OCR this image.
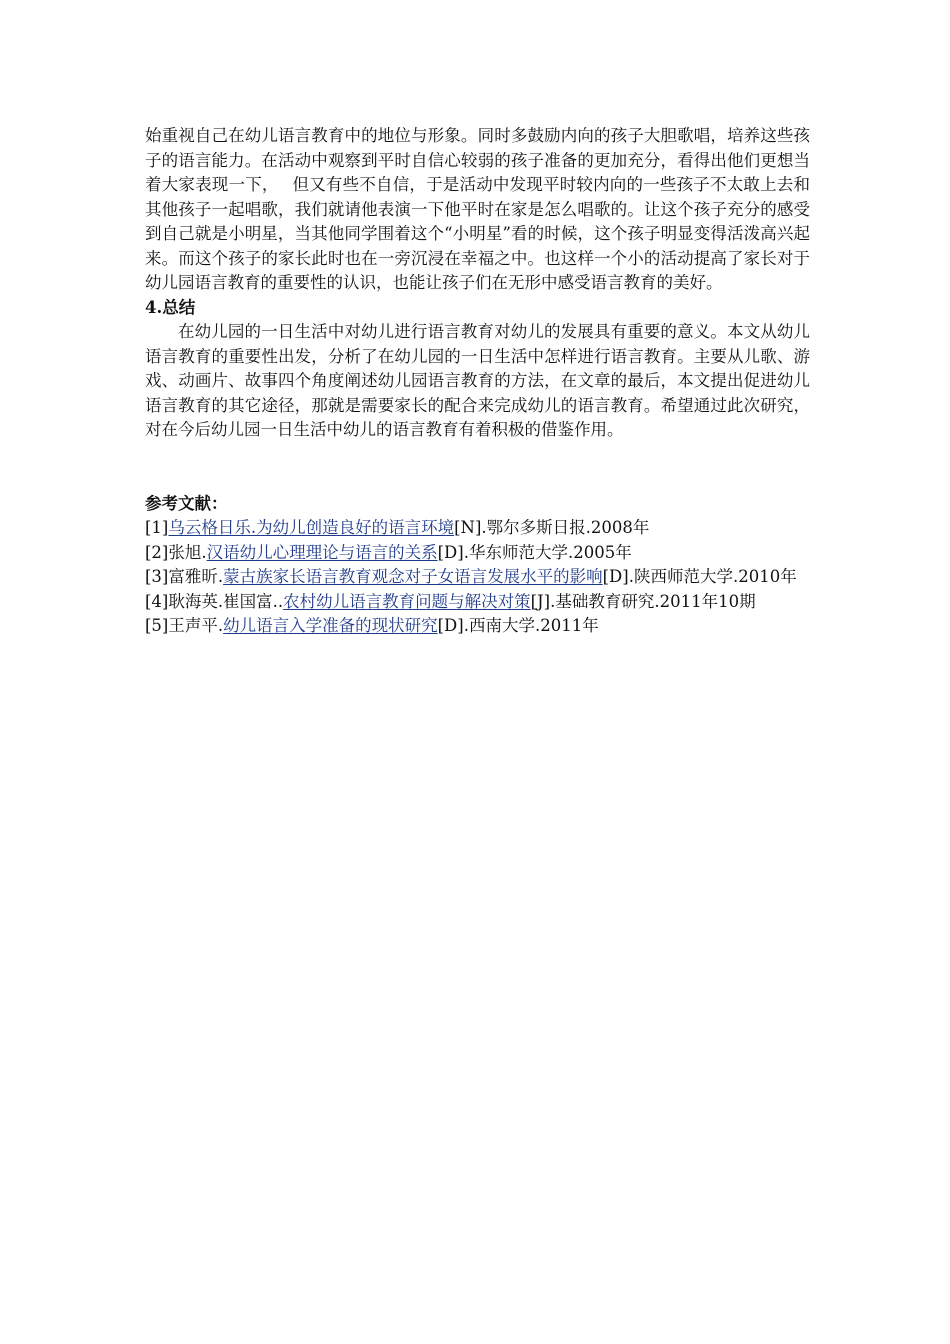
始重视自己在幼儿语言教育中的地位与形象。同时多鼓励内向的孩子大胆歌唱，培养这些孩子的语言能力。在活动中观察到平时自信心较弱的孩子准备的更加充分，看得出他们更想当着大家表现一下，　 但又有些不自信，于是活动中发现平时较内向的一些孩子不太敢上去和其他孩子一起唱歌，我们就请他表演一下他平时在家是怎么唱歌的。让这个孩子充分的感受到自己就是小明星，当其他同学围着这个“小明星”看的时候，这个孩子明显变得活泼高兴起来。而这个孩子的家长此时也在一旁沉浸在幸福之中。也这样一个小的活动提高了家长对于幼儿园语言教育的重要性的认识，也能让孩子们在无形中感受语言教育的美好。

4.总结

在幼儿园的一日生活中对幼儿进行语言教育对幼儿的发展具有重要的意义。本文从幼儿语言教育的重要性出发，分析了在幼儿园的一日生活中怎样进行语言教育。主要从儿歌、游戏、动画片、故事四个角度阐述幼儿园语言教育的方法，在文章的最后，本文提出促进幼儿语言教育的其它途径，那就是需要家长的配合来完成幼儿的语言教育。希望通过此次研究，对在今后幼儿园一日生活中幼儿的语言教育有着积极的借鉴作用。

参考文献：

[1]乌云格日乐.为幼儿创造良好的语言环境[N].鄂尔多斯日报.2008年

[2]张旭.汉语幼儿心理理论与语言的关系[D].华东师范大学.2005年

[3]富雅昕.蒙古族家长语言教育观念对子女语言发展水平的影响[D].陕西师范大学.2010年

[4]耿海英.崔国富..农村幼儿语言教育问题与解决对策[J].基础教育研究.2011年10期

[5]王声平.幼儿语言入学准备的现状研究[D].西南大学.2011年
